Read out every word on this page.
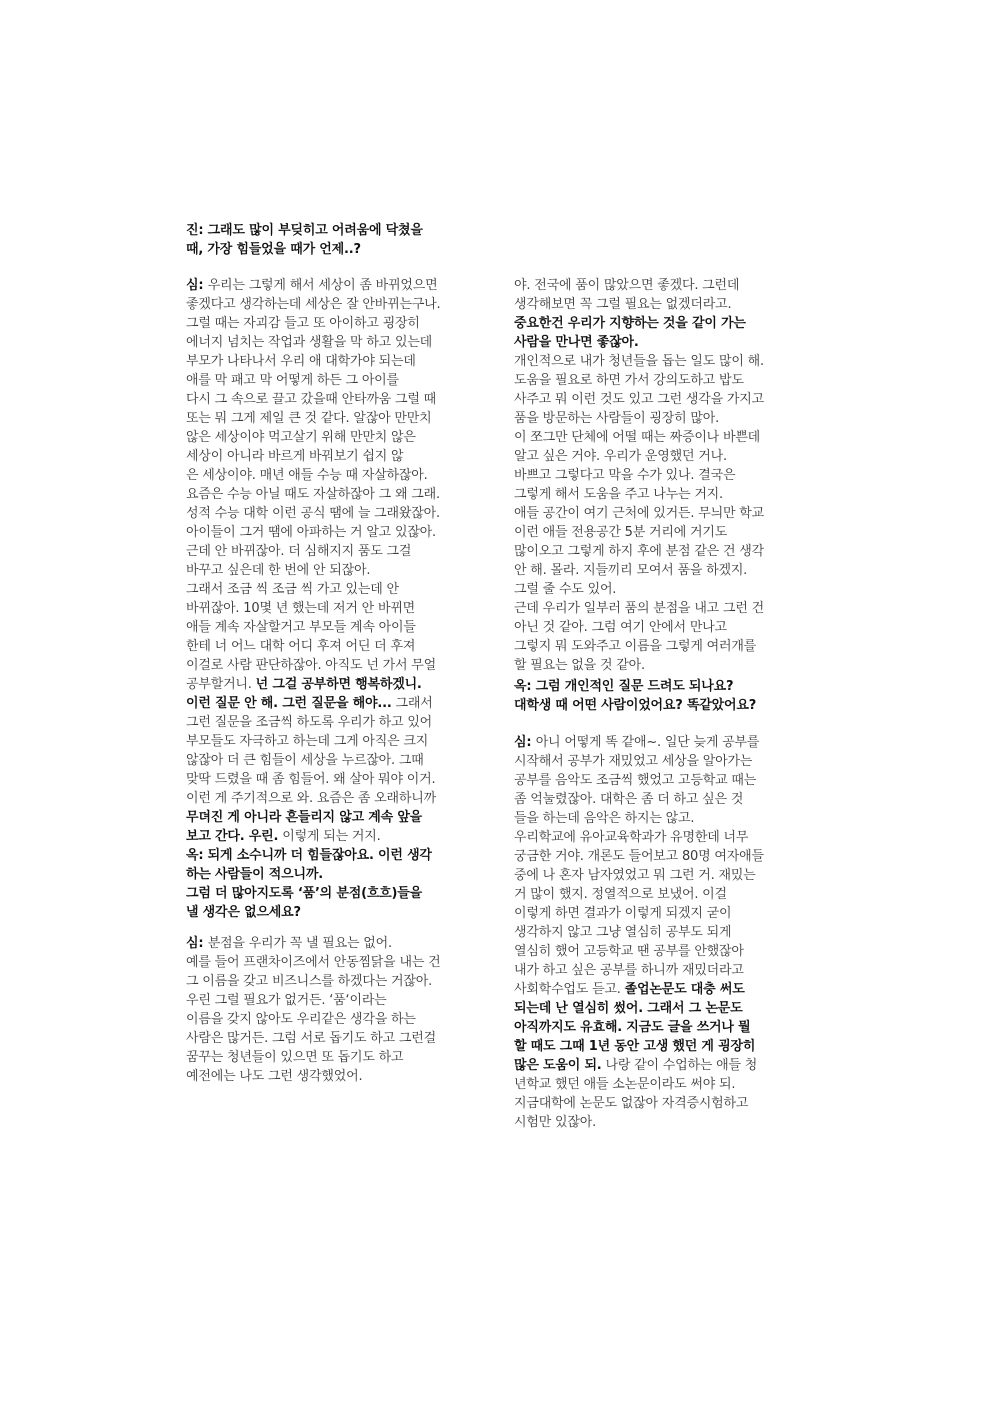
진: 그래도 많이 부딪히고 어려움에 닥쳤을
때, 가장 힘들었을 때가 언제..?
심: 우리는 그렇게 해서 세상이 좀 바뀌었으면
좋겠다고 생각하는데 세상은 잘 안바뀌는구나.
그럴 때는 자괴감 들고 또 아이하고 굉장히
에너지 넘치는 작업과 생활을 막 하고 있는데
부모가 나타나서 우리 애 대학가야 되는데
애를 막 패고 막 어떻게 하든 그 아이를
다시 그 속으로 끌고 갔을때 안타까움 그럴 때
또는 뭐 그게 제일 큰 것 같다. 알잖아 만만치
않은 세상이야 먹고살기 위해 만만치 않은
세상이 아니라 바르게 바꿔보기 쉽지 않
은 세상이야. 매년 애들 수능 때 자살하잖아.
요즘은 수능 아닐 때도 자살하잖아 그 왜 그래.
성적 수능 대학 이런 공식 땜에 늘 그래왔잖아.
아이들이 그거 땜에 아파하는 거 알고 있잖아.
근데 안 바뀌잖아. 더 심해지지 품도 그걸
바꾸고 싶은데 한 번에 안 되잖아.
그래서 조금 씩 조금 씩 가고 있는데 안
바뀌잖아. 10몇 년 했는데 저거 안 바뀌면
애들 계속 자살할거고 부모들 계속 아이들
한테 너 어느 대학 어디 후져 어딘 더 후져
이걸로 사람 판단하잖아. 아직도 넌 가서 무얼
공부할거니. 넌 그걸 공부하면 행복하겠니.
이런 질문 안 해. 그런 질문을 해야... 그래서
그런 질문을 조금씩 하도록 우리가 하고 있어
부모들도 자극하고 하는데 그게 아직은 크지
않잖아 더 큰 힘들이 세상을 누르잖아. 그때
맞딱 드렸을 때 좀 힘들어. 왜 살아 뭐야 이거.
이런 게 주기적으로 와. 요즘은 좀 오래하니까
무뎌진 게 아니라 흔들리지 않고 계속 앞을
보고 간다. 우린. 이렇게 되는 거지.
옥: 되게 소수니까 더 힘들잖아요. 이런 생각
하는 사람들이 적으니까.
그럼 더 많아지도록 ‘품’의 분점(흐흐)들을
낼 생각은 없으세요?
심: 분점을 우리가 꼭 낼 필요는 없어.
예를 들어 프랜차이즈에서 안동찜닭을 내는 건
그 이름을 갖고 비즈니스를 하겠다는 거잖아.
우린 그럴 필요가 없거든. ‘품‘이라는
이름을 갖지 않아도 우리같은 생각을 하는
사람은 많거든. 그럼 서로 돕기도 하고 그런걸
꿈꾸는 청년들이 있으면 또 돕기도 하고
예전에는 나도 그런 생각했었어.
야. 전국에 품이 많았으면 좋겠다. 그런데
생각해보면 꼭 그럴 필요는 없겠더라고.
중요한건 우리가 지향하는 것을 같이 가는
사람을 만나면 좋잖아.
개인적으로 내가 청년들을 돕는 일도 많이 해.
도움을 필요로 하면 가서 강의도하고 밥도
사주고 뭐 이런 것도 있고 그런 생각을 가지고
품을 방문하는 사람들이 굉장히 많아.
이 쪼그만 단체에 어떨 때는 짜증이나 바쁜데
알고 싶은 거야. 우리가 운영했던 거나.
바쁘고 그렇다고 막을 수가 있나. 결국은
그렇게 해서 도움을 주고 나누는 거지.
애들 공간이 여기 근처에 있거든. 무늬만 학교
이런 애들 전용공간 5분 거리에 거기도
많이오고 그렇게 하지 후에 분점 같은 건 생각
안 해. 몰라. 지들끼리 모여서 품을 하겠지.
그럴 줄 수도 있어.
근데 우리가 일부러 품의 분점을 내고 그런 건
아닌 것 같아. 그럼 여기 안에서 만나고
그렇지 뭐 도와주고 이름을 그렇게 여러개를
할 필요는 없을 것 같아.
옥: 그럼 개인적인 질문 드려도 되나요?
대학생 때 어떤 사람이었어요? 똑같았어요?
심: 아니 어떻게 똑 같애~. 일단 늦게 공부를
시작해서 공부가 재밌었고 세상을 알아가는
공부를 음악도 조금씩 했었고 고등학교 때는
좀 억눌렸잖아. 대학은 좀 더 하고 싶은 것
들을 하는데 음악은 하지는 않고.
우리학교에 유아교육학과가 유명한데 너무
궁금한 거야. 개론도 들어보고 80명 여자애들
중에 나 혼자 남자였었고 뭐 그런 거. 재밌는
거 많이 했지. 정열적으로 보냈어. 이걸
이렇게 하면 결과가 이렇게 되겠지 굳이
생각하지 않고 그냥 열심히 공부도 되게
열심히 했어 고등학교 땐 공부를 안했잖아
내가 하고 싶은 공부를 하니까 재밌더라고
사회학수업도 듣고. 졸업논문도 대충 써도
되는데 난 열심히 썼어. 그래서 그 논문도
아직까지도 유효해. 지금도 글을 쓰거나 뭘
할 때도 그때 1년 동안 고생 했던 게 굉장히
많은 도움이 되. 나랑 같이 수업하는 애들 청
년학교 했던 애들 소논문이라도 써야 되.
지금대학에 논문도 없잖아 자격증시험하고
시험만 있잖아.
